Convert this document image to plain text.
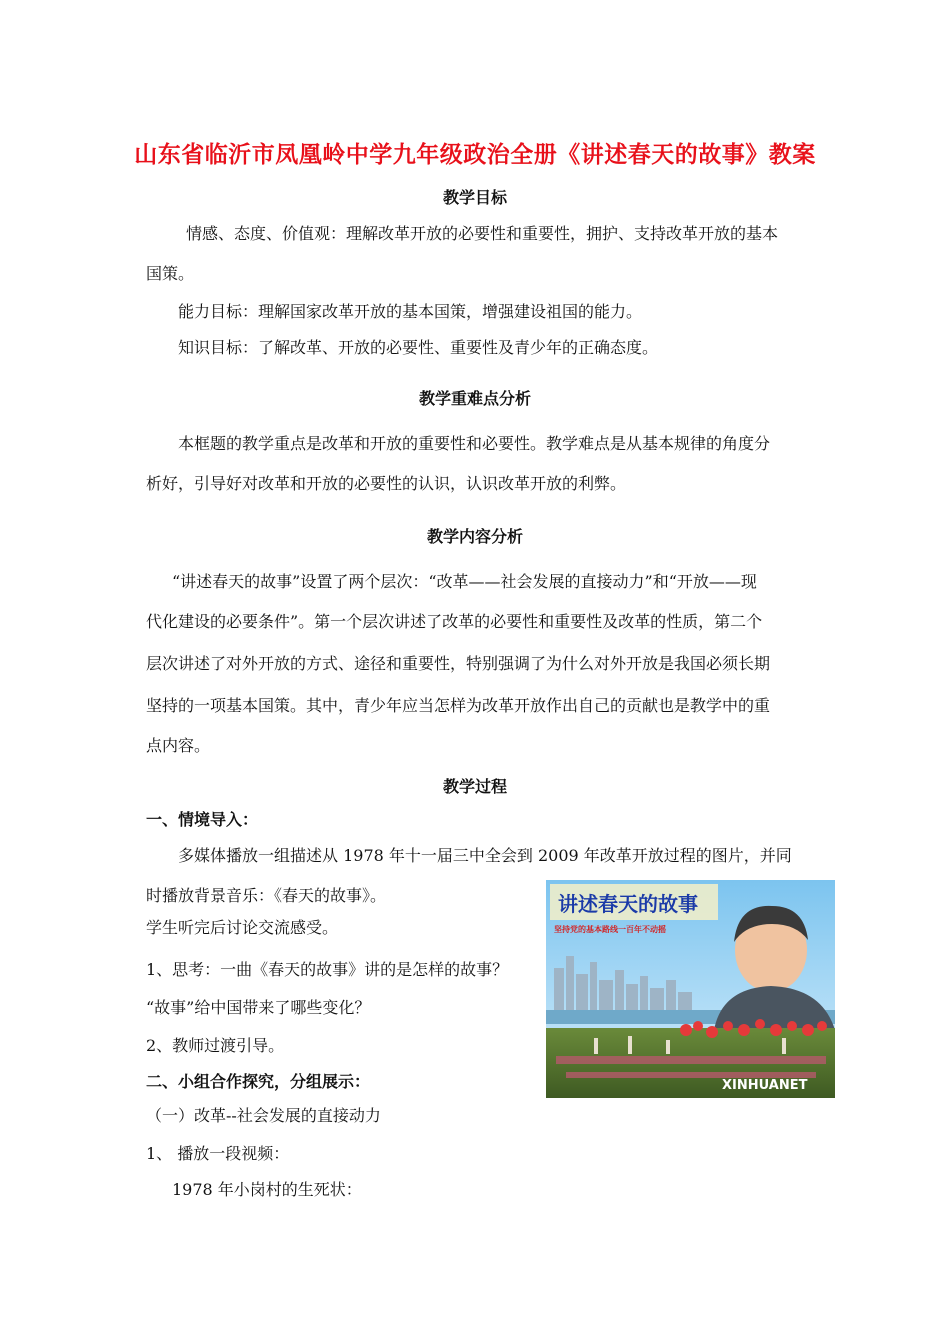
山东省临沂市凤凰岭中学九年级政治全册《讲述春天的故事》教案
教学目标
情感、态度、价值观：理解改革开放的必要性和重要性，拥护、支持改革开放的基本
国策。
能力目标：理解国家改革开放的基本国策，增强建设祖国的能力。
知识目标：了解改革、开放的必要性、重要性及青少年的正确态度。
教学重难点分析
本框题的教学重点是改革和开放的重要性和必要性。教学难点是从基本规律的角度分
析好，引导好对改革和开放的必要性的认识，认识改革开放的利弊。
教学内容分析
“讲述春天的故事”设置了两个层次：“改革——社会发展的直接动力”和“开放——现
代化建设的必要条件”。第一个层次讲述了改革的必要性和重要性及改革的性质，第二个
层次讲述了对外开放的方式、途径和重要性，特别强调了为什么对外开放是我国必须长期
坚持的一项基本国策。其中，青少年应当怎样为改革开放作出自己的贡献也是教学中的重
点内容。
教学过程
一、情境导入：
多媒体播放一组描述从 1978 年十一届三中全会到 2009 年改革开放过程的图片，并同
时播放背景音乐：《春天的故事》。
学生听完后讨论交流感受。
1、思考：一曲《春天的故事》讲的是怎样的故事？
“故事”给中国带来了哪些变化？
2、教师过渡引导。
二、小组合作探究，分组展示：
（一）改革--社会发展的直接动力
1、 播放一段视频：
1978 年小岗村的生死状：
讲述春天的故事
坚持党的基本路线一百年不动摇
XINHUANET
